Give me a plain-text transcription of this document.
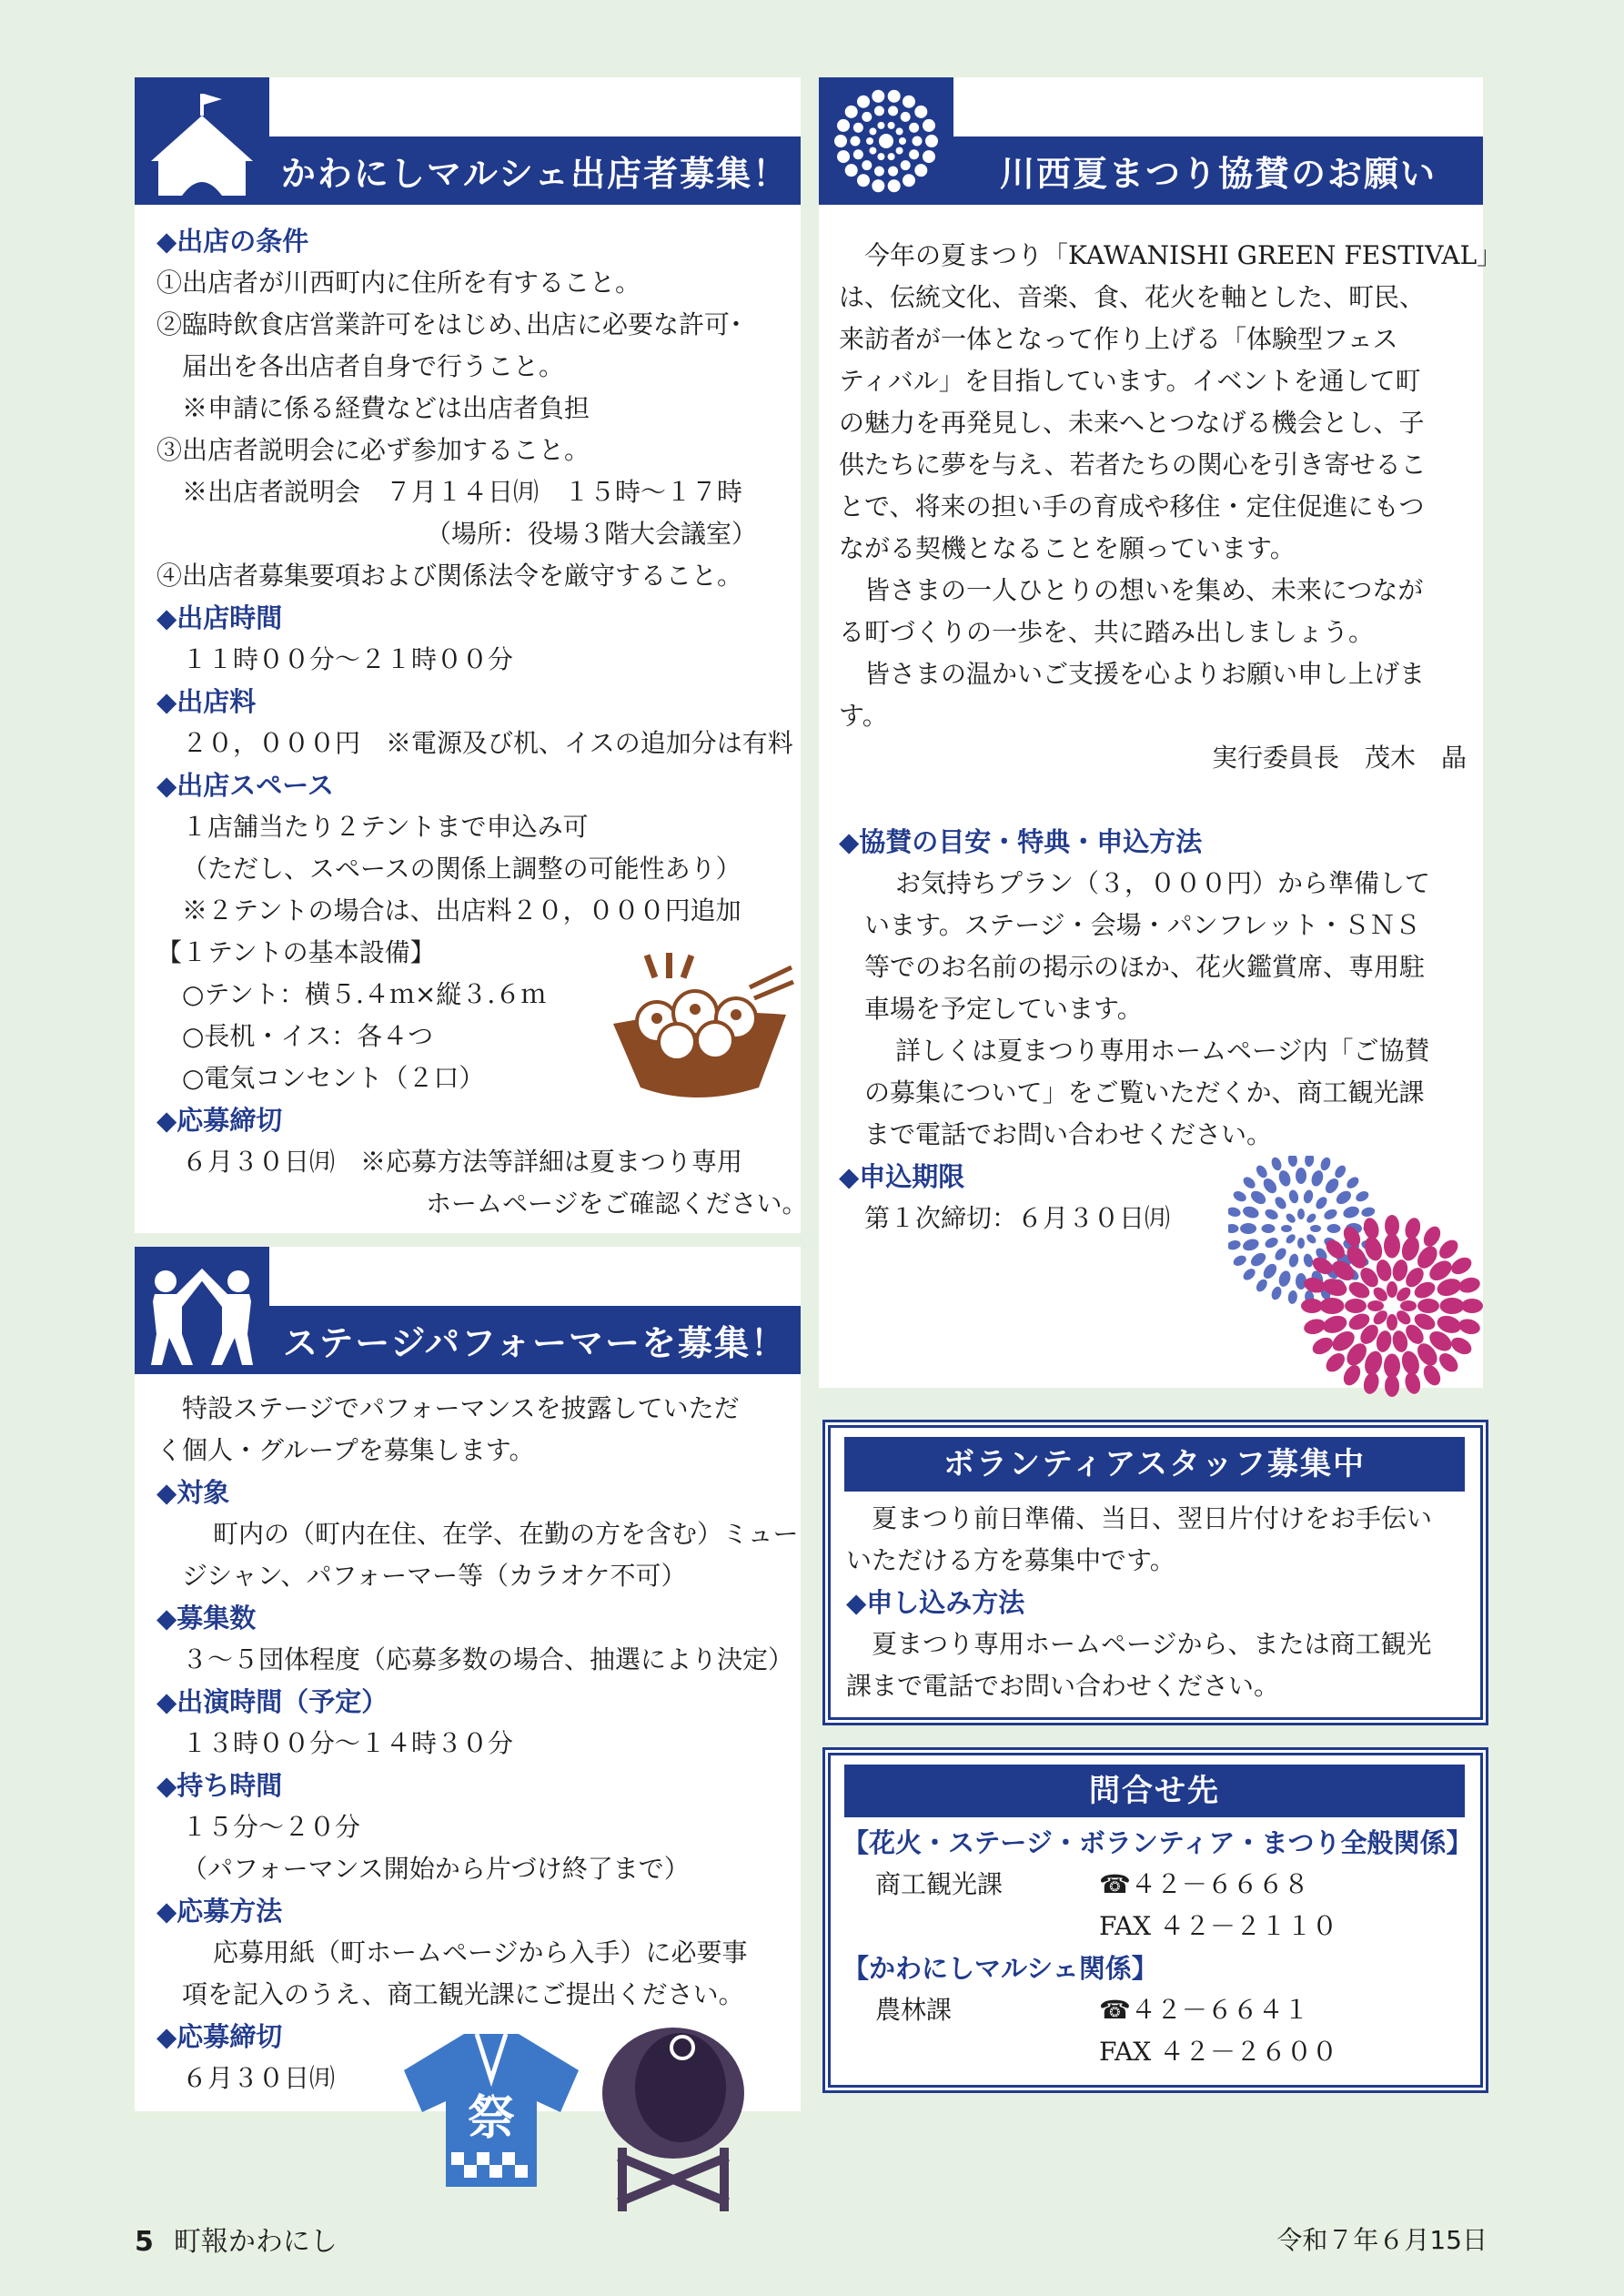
かわにしマルシェ出店者募集！

◆出店の条件

①出店者が川西町内に住所を有すること。

②臨時飲食店営業許可をはじめ､出店に必要な許可･

届出を各出店者自身で行うこと。

※申請に係る経費などは出店者負担

③出店者説明会に必ず参加すること。

※出店者説明会　７月１４日㈪　１５時～１７時

（場所：役場３階大会議室）

④出店者募集要項および関係法令を厳守すること。

◆出店時間

１１時００分～２１時００分

◆出店料

２０，０００円　※電源及び机、イスの追加分は有料

◆出店スペース

１店舗当たり２テントまで申込み可

（ただし、スペースの関係上調整の可能性あり）

※２テントの場合は、出店料２０，０００円追加

【１テントの基本設備】

○テント：横５.４ｍ×縦３.６ｍ

○長机・イス：各４つ

○電気コンセント（２口）

◆応募締切

６月３０日㈪　※応募方法等詳細は夏まつり専用

ホームページをご確認ください。

ステージパフォーマーを募集！

特設ステージでパフォーマンスを披露していただ

く個人・グループを募集します。

◆対象

町内の（町内在住、在学、在勤の方を含む）ミュー

ジシャン、パフォーマー等（カラオケ不可）

◆募集数

３～５団体程度（応募多数の場合、抽選により決定）

◆出演時間（予定）

１３時００分～１４時３０分

◆持ち時間

１５分～２０分

（パフォーマンス開始から片づけ終了まで）

◆応募方法

応募用紙（町ホームページから入手）に必要事

項を記入のうえ、商工観光課にご提出ください。

◆応募締切

６月３０日㈪

祭
川西夏まつり協賛のお願い

今年の夏まつり「KAWANISHI GREEN FESTIVAL」

は、伝統文化、音楽、食、花火を軸とした、町民、

来訪者が一体となって作り上げる「体験型フェス

ティバル」を目指しています。イベントを通して町

の魅力を再発見し、未来へとつなげる機会とし、子

供たちに夢を与え、若者たちの関心を引き寄せるこ

とで、将来の担い手の育成や移住・定住促進にもつ

ながる契機となることを願っています。

皆さまの一人ひとりの想いを集め、未来につなが

る町づくりの一歩を、共に踏み出しましょう。

皆さまの温かいご支援を心よりお願い申し上げま

す。

実行委員長　茂木　晶

◆協賛の目安・特典・申込方法

お気持ちプラン（３，０００円）から準備して

います。ステージ・会場・パンフレット・ＳＮＳ

等でのお名前の掲示のほか、花火鑑賞席、専用駐

車場を予定しています。

詳しくは夏まつり専用ホームページ内「ご協賛

の募集について」をご覧いただくか、商工観光課

まで電話でお問い合わせください。

◆申込期限

第１次締切：６月３０日㈪

ボランティアスタッフ募集中

夏まつり前日準備、当日、翌日片付けをお手伝い

いただける方を募集中です。

◆申し込み方法

夏まつり専用ホームページから、または商工観光

課まで電話でお問い合わせください。

問合せ先

【花火・ステージ・ボランティア・まつり全般関係】

商工観光課	☎４２－６６６８

FAX ４２－２１１０

【かわにしマルシェ関係】

農林課	☎４２－６６４１

FAX ４２－２６００

5 町報かわにし	令和７年６月15日
